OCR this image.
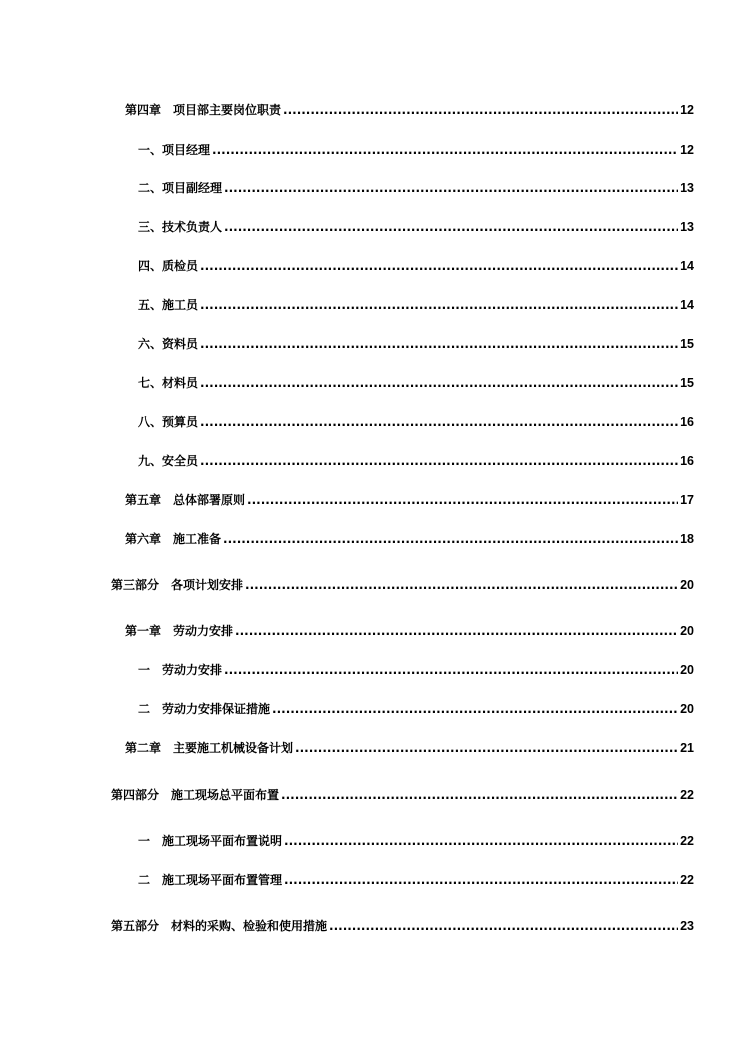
第四章　项目部主要岗位职责 .....	12
一、项目经理 .....	12
二、项目副经理 .....	13
三、技术负责人 .....	13
四、质检员 .....	14
五、施工员 .....	14
六、资料员 .....	15
七、材料员 .....	15
八、预算员 .....	16
九、安全员 .....	16
第五章　总体部署原则 .....	17
第六章　施工准备 .....	18
第三部分　各项计划安排 .....	20
第一章　劳动力安排 .....	20
一　劳动力安排 .....	20
二　劳动力安排保证措施 .....	20
第二章　主要施工机械设备计划 .....	21
第四部分　施工现场总平面布置 .....	22
一　施工现场平面布置说明 .....	22
二　施工现场平面布置管理 .....	22
第五部分　材料的采购、检验和使用措施 .....	23
